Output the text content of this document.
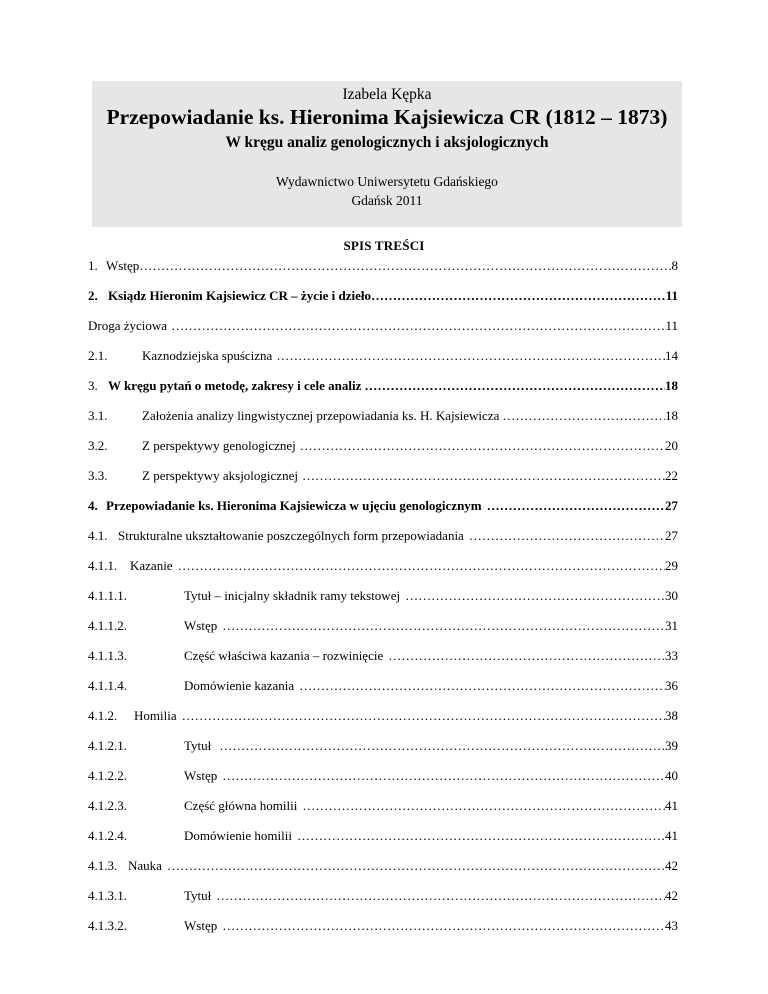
Izabela Kępka
Przepowiadanie ks. Hieronima Kajsiewicza CR (1812 – 1873)
W kręgu analiz genologicznych i aksjologicznych
Wydawnictwo Uniwersytetu Gdańskiego
Gdańsk 2011
SPIS TREŚCI
1. Wstęp …………………………………………………………………………………………………………………………………………………………………………………………………………………………………………………………………	8
2. Ksiądz Hieronim Kajsiewicz CR – życie i dzieło …………………………………………………………………………………………………………………………………………………………………………………………………………………………………………………………………	11
Droga życiowa …………………………………………………………………………………………………………………………………………………………………………………………………………………………………………………………………	11
2.1.	Kaznodziejska spuścizna …………………………………………………………………………………………………………………………………………………………………………………………………………………………………………………………………	14
3. W kręgu pytań o metodę, zakresy i cele analiz …………………………………………………………………………………………………………………………………………………………………………………………………………………………………………………………………	18
3.1.	Założenia analizy lingwistycznej przepowiadania ks. H. Kajsiewicza …………………………………………………………………………………………………………………………………………………………………………………………………………………………………………………………………	18
3.2.	Z perspektywy genologicznej …………………………………………………………………………………………………………………………………………………………………………………………………………………………………………………………………	20
3.3.	Z perspektywy aksjologicznej …………………………………………………………………………………………………………………………………………………………………………………………………………………………………………………………………	22
4. Przepowiadanie ks. Hieronima Kajsiewicza w ujęciu genologicznym …………………………………………………………………………………………………………………………………………………………………………………………………………………………………………………………………	27
4.1. Strukturalne ukształtowanie poszczególnych form przepowiadania …………………………………………………………………………………………………………………………………………………………………………………………………………………………………………………………………	27
4.1.1. Kazanie …………………………………………………………………………………………………………………………………………………………………………………………………………………………………………………………………	29
4.1.1.1.	Tytuł – inicjalny składnik ramy tekstowej …………………………………………………………………………………………………………………………………………………………………………………………………………………………………………………………………	30
4.1.1.2.	Wstęp …………………………………………………………………………………………………………………………………………………………………………………………………………………………………………………………………	31
4.1.1.3.	Część właściwa kazania – rozwinięcie …………………………………………………………………………………………………………………………………………………………………………………………………………………………………………………………………	33
4.1.1.4.	Domówienie kazania …………………………………………………………………………………………………………………………………………………………………………………………………………………………………………………………………	36
4.1.2.	Homilia …………………………………………………………………………………………………………………………………………………………………………………………………………………………………………………………………	38
4.1.2.1.	Tytuł …………………………………………………………………………………………………………………………………………………………………………………………………………………………………………………………………	39
4.1.2.2.	Wstęp …………………………………………………………………………………………………………………………………………………………………………………………………………………………………………………………………	40
4.1.2.3.	Część główna homilii …………………………………………………………………………………………………………………………………………………………………………………………………………………………………………………………………	41
4.1.2.4.	Domówienie homilii …………………………………………………………………………………………………………………………………………………………………………………………………………………………………………………………………	41
4.1.3. Nauka …………………………………………………………………………………………………………………………………………………………………………………………………………………………………………………………………	42
4.1.3.1.	Tytuł …………………………………………………………………………………………………………………………………………………………………………………………………………………………………………………………………	42
4.1.3.2.	Wstęp …………………………………………………………………………………………………………………………………………………………………………………………………………………………………………………………………	43
